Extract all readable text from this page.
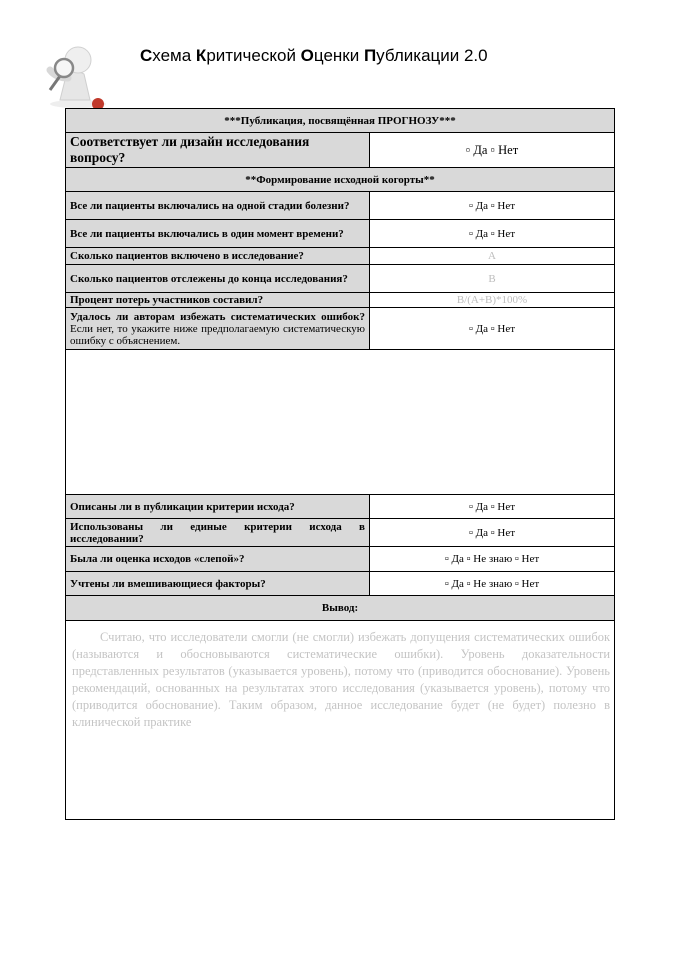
Схема Критической Оценки Публикации 2.0
***Публикация, посвящённая ПРОГНОЗУ***	
Соответствует ли дизайн исследования вопросу?	▫ Да ▫ Нет
**Формирование исходной когорты**	
Все ли пациенты включались на одной стадии болезни?	▫ Да ▫ Нет
Все ли пациенты включались в один момент времени?	▫ Да ▫ Нет
Сколько пациентов включено в исследование?	A
Сколько пациентов отслежены до конца исследования?	B
Процент потерь участников составил?	B/(A+B)*100%
Удалось ли авторам избежать систематических ошибок? Если нет, то укажите ниже предполагаемую систематическую ошибку с объяснением.	▫ Да ▫ Нет

Описаны ли в публикации критерии исхода?	▫ Да ▫ Нет
Использованы ли единые критерии исхода в исследовании?	▫ Да ▫ Нет
Была ли оценка исходов «слепой»?	▫ Да ▫ Не знаю ▫ Нет
Учтены ли вмешивающиеся факторы?	▫ Да ▫ Не знаю ▫ Нет
Вывод:	
Считаю, что исследователи смогли (не смогли) избежать допущения систематических ошибок (называются и обосновываются систематические ошибки). Уровень доказательности представленных результатов (указывается уровень), потому что (приводится обоснование). Уровень рекомендаций, основанных на результатах этого исследования (указывается уровень), потому что (приводится обоснование). Таким образом, данное исследование будет (не будет) полезно в клинической практике	
